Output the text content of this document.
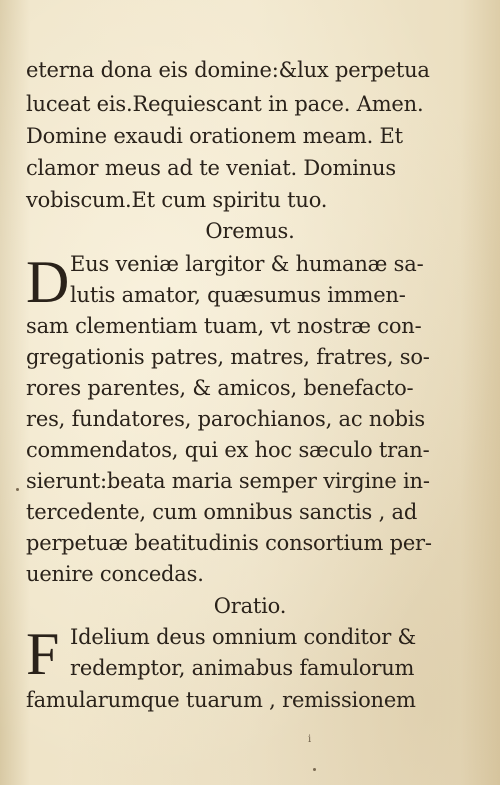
eterna dona eis domine:&lux perpetua
luceat eis.Requiescant in pace. Amen.
Domine exaudi orationem meam. Et
clamor meus ad te veniat. Dominus
vobiscum.Et cum spiritu tuo.
Oremus.
D Eus veniæ largitor & humanæ sa-
lutis amator, quæsumus immen-
sam clementiam tuam, vt nostræ con-
gregationis patres, matres, fratres, so-
rores parentes, & amicos, benefacto-
res, fundatores, parochianos, ac nobis
commendatos, qui ex hoc sæculo tran-
sierunt:beata maria semper virgine in-
tercedente, cum omnibus sanctis , ad
perpetuæ beatitudinis consortium per-
uenire concedas.
Oratio.
F Idelium deus omnium conditor &
redemptor, animabus famulorum
famularumque tuarum , remissionem
i
